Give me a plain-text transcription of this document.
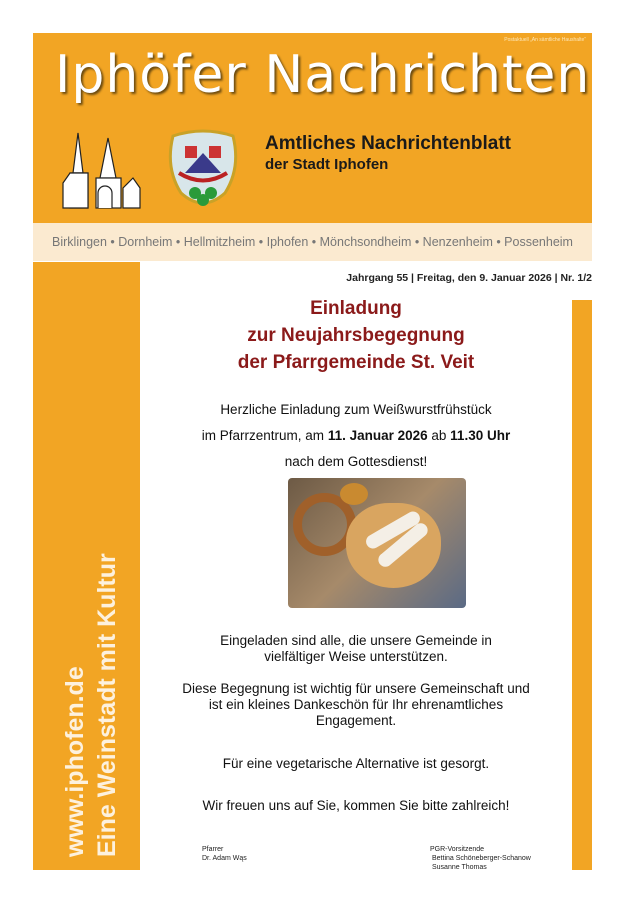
Postaktuell „An sämtliche Haushalte“
Iphöfer Nachrichten
Amtliches Nachrichtenblatt
der Stadt Iphofen
Birklingen • Dornheim • Hellmitzheim • Iphofen • Mönchsondheim • Nenzenheim • Possenheim
www.iphofen.de Eine Weinstadt mit Kultur
Jahrgang 55 | Freitag, den 9. Januar 2026 | Nr. 1/2
Einladung
zur Neujahrsbegegnung
der Pfarrgemeinde St. Veit
Herzliche Einladung zum Weißwurstfrühstück
im Pfarrzentrum, am 11. Januar 2026 ab 11.30 Uhr
nach dem Gottesdienst!
Eingeladen sind alle, die unsere Gemeinde in vielfältiger Weise unterstützen.
Diese Begegnung ist wichtig für unsere Gemeinschaft und ist ein kleines Dankeschön für Ihr ehrenamtliches Engagement.
Für eine vegetarische Alternative ist gesorgt.
Wir freuen uns auf Sie, kommen Sie bitte zahlreich!
Pfarrer
Dr. Adam Wąs
PGR-Vorsitzende
Bettina Schöneberger-Schanow
Susanne Thomas
